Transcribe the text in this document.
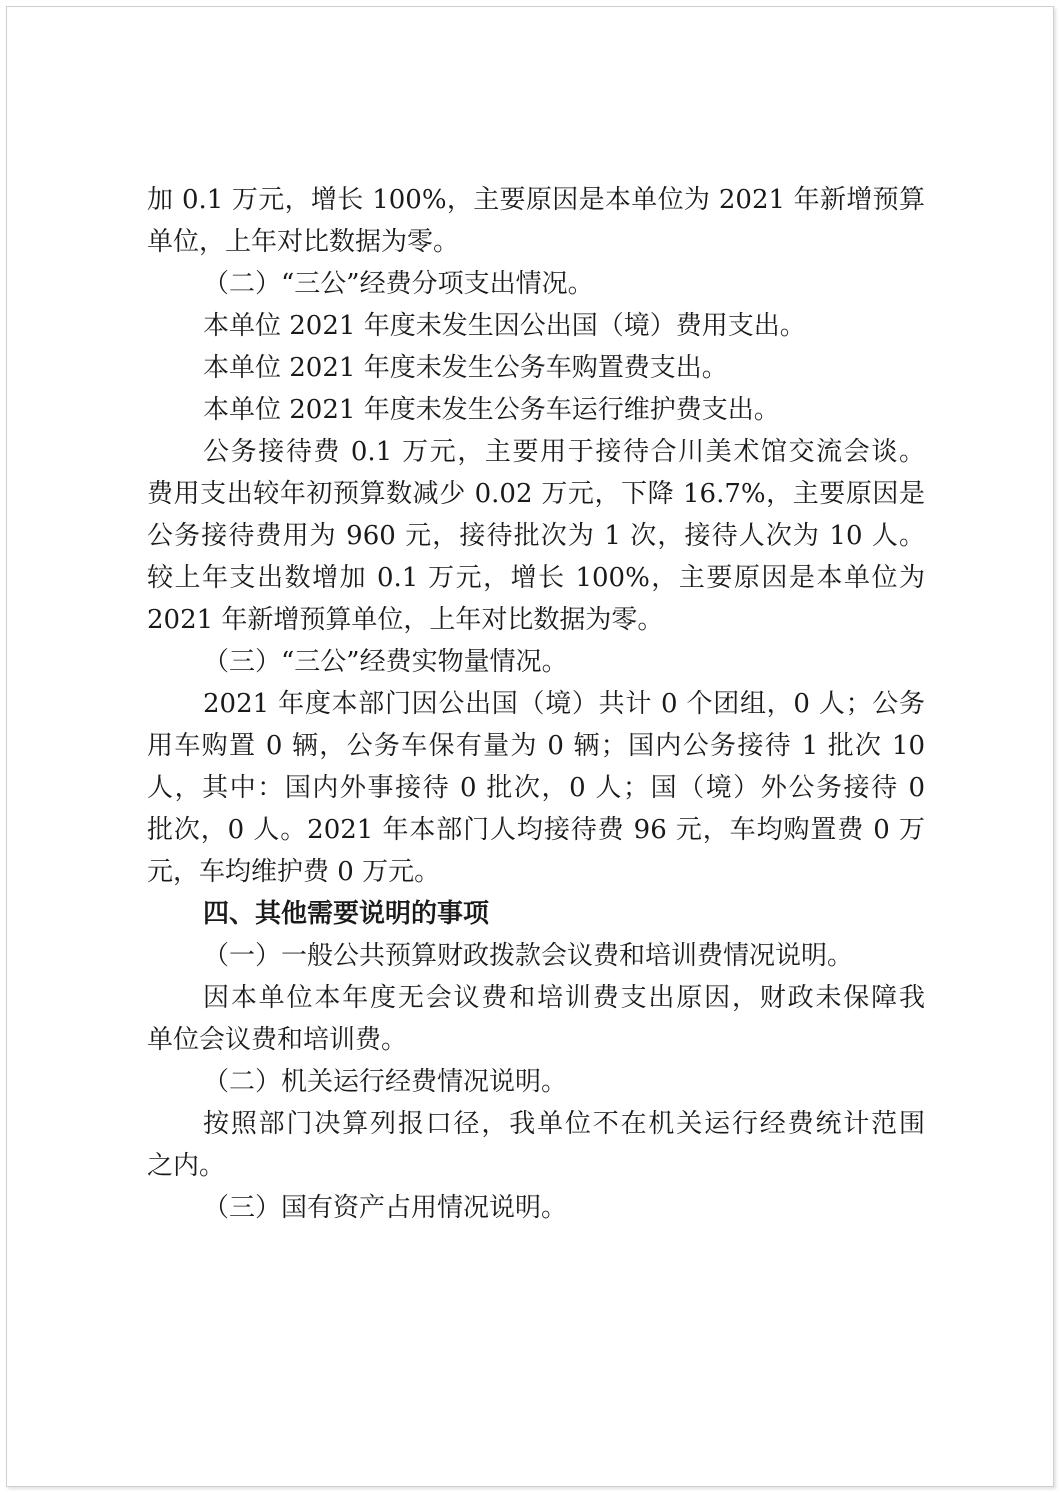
加 0.1 万元，增长 100%，主要原因是本单位为 2021 年新增预算
单位，上年对比数据为零。
（二）“三公”经费分项支出情况。
本单位 2021 年度未发生因公出国（境）费用支出。
本单位 2021 年度未发生公务车购置费支出。
本单位 2021 年度未发生公务车运行维护费支出。
公务接待费 0.1 万元，主要用于接待合川美术馆交流会谈。
费用支出较年初预算数减少 0.02 万元，下降 16.7%，主要原因是
公务接待费用为 960 元，接待批次为 1 次，接待人次为 10 人。
较上年支出数增加 0.1 万元，增长 100%，主要原因是本单位为
2021 年新增预算单位，上年对比数据为零。
（三）“三公”经费实物量情况。
2021 年度本部门因公出国（境）共计 0 个团组，0 人；公务
用车购置 0 辆，公务车保有量为 0 辆；国内公务接待 1 批次 10
人，其中：国内外事接待 0 批次，0 人；国（境）外公务接待 0
批次，0 人。2021 年本部门人均接待费 96 元，车均购置费 0 万
元，车均维护费 0 万元。
四、其他需要说明的事项
（一）一般公共预算财政拨款会议费和培训费情况说明。
因本单位本年度无会议费和培训费支出原因，财政未保障我
单位会议费和培训费。
（二）机关运行经费情况说明。
按照部门决算列报口径，我单位不在机关运行经费统计范围
之内。
（三）国有资产占用情况说明。
